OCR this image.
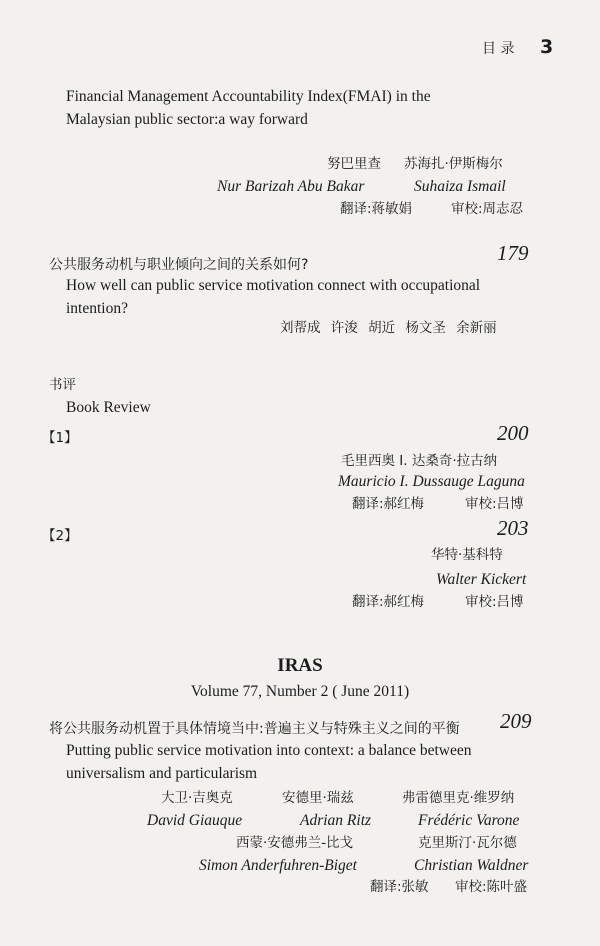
目 录 3
Financial Management Accountability Index(FMAI) in the
Malaysian public sector:a way forward
努巴里查 苏海扎·伊斯梅尔
Nur Barizah Abu Bakar	Suhaiza Ismail
翻译:蒋敏娟	审校:周志忍
179
公共服务动机与职业倾向之间的关系如何?
How well can public service motivation connect with occupational
intention?
刘帮成 许浚 胡近 杨文圣 余新丽
书评
Book Review
【1】	200
毛里西奥 I. 达桑奇·拉古纳
Mauricio I. Dussauge Laguna
翻译:郝红梅	审校:吕博
【2】	203
华特·基科特
Walter Kickert
翻译:郝红梅	审校:吕博
IRAS
Volume 77, Number 2 ( June 2011)
209
将公共服务动机置于具体情境当中:普遍主义与特殊主义之间的平衡
Putting public service motivation into context: a balance between
universalism and particularism
大卫·吉奥克	安德里·瑞兹	弗雷德里克·维罗纳
David Giauque	Adrian Ritz	Frédéric Varone
西蒙·安德弗兰-比戈	克里斯汀·瓦尔德
Simon Anderfuhren-Biget	Christian Waldner
翻译:张敏 审校:陈叶盛
